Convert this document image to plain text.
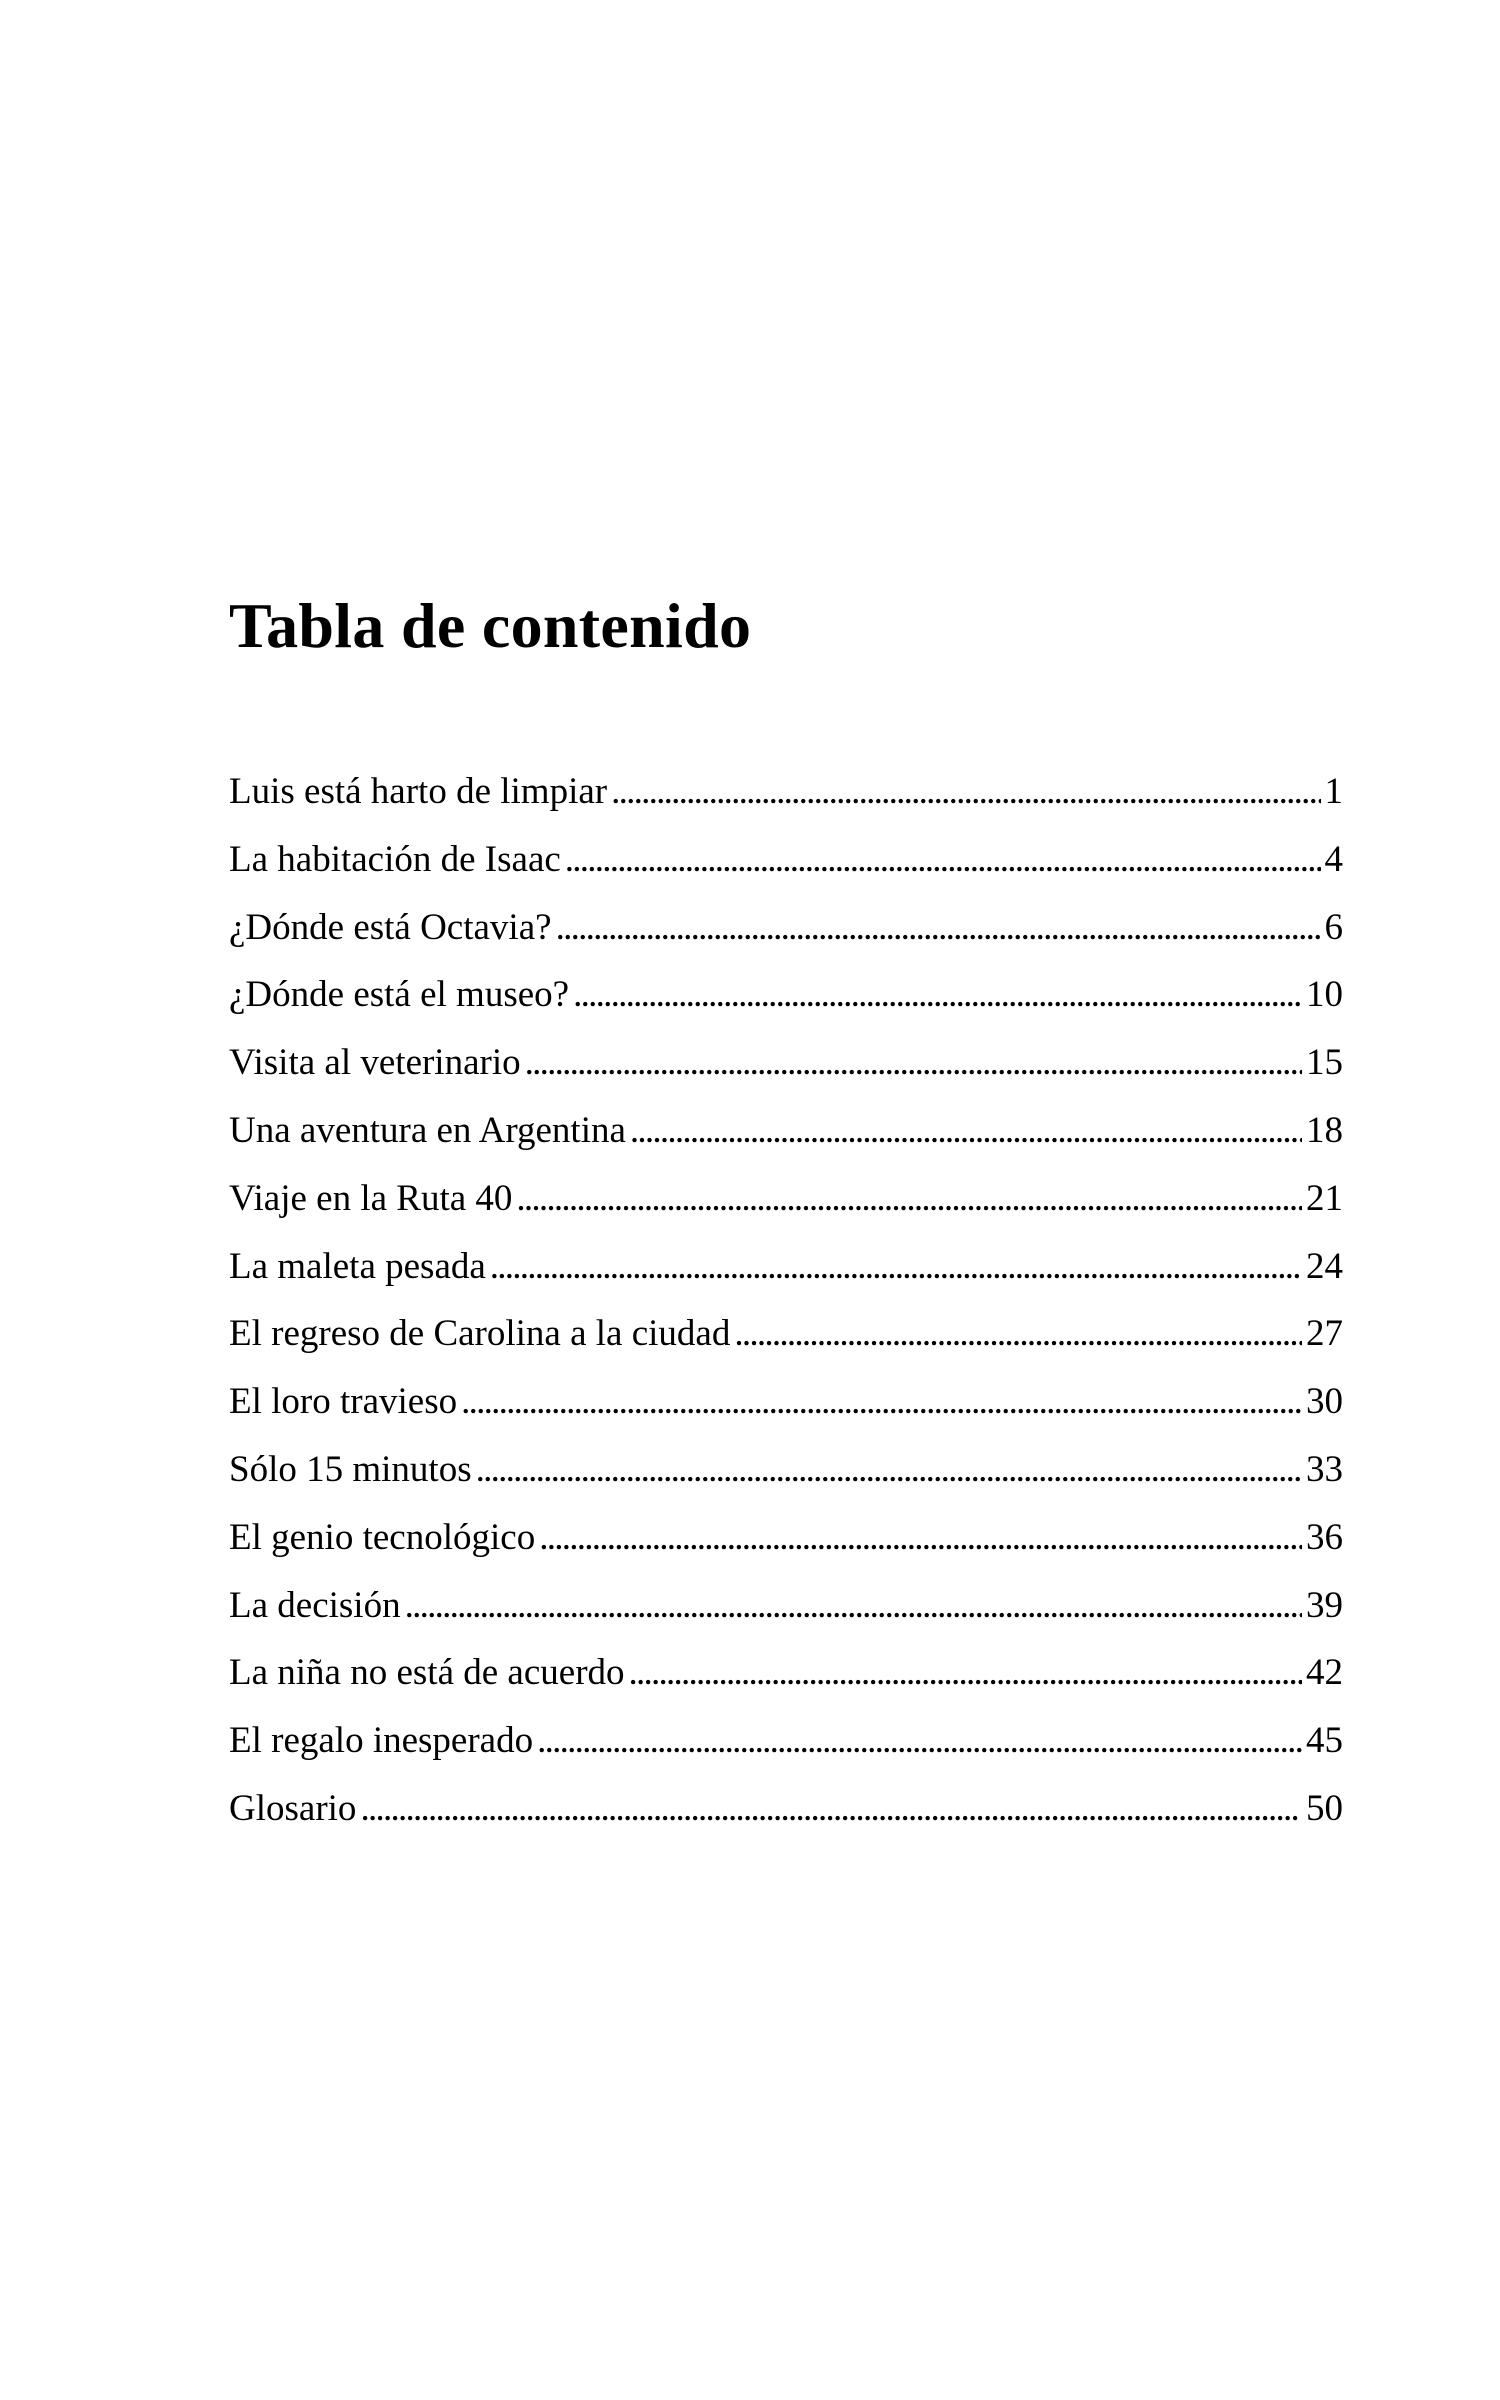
Tabla de contenido
Luis está harto de limpiar . . .	1
La habitación de Isaac . . .	4
¿Dónde está Octavia? . . .	6
¿Dónde está el museo? . . .	10
Visita al veterinario . . .	15
Una aventura en Argentina . . .	18
Viaje en la Ruta 40 . . .	21
La maleta pesada . . .	24
El regreso de Carolina a la ciudad . . .	27
El loro travieso . . .	30
Sólo 15 minutos . . .	33
El genio tecnológico . . .	36
La decisión . . .	39
La niña no está de acuerdo . . .	42
El regalo inesperado . . .	45
Glosario . . .	50
